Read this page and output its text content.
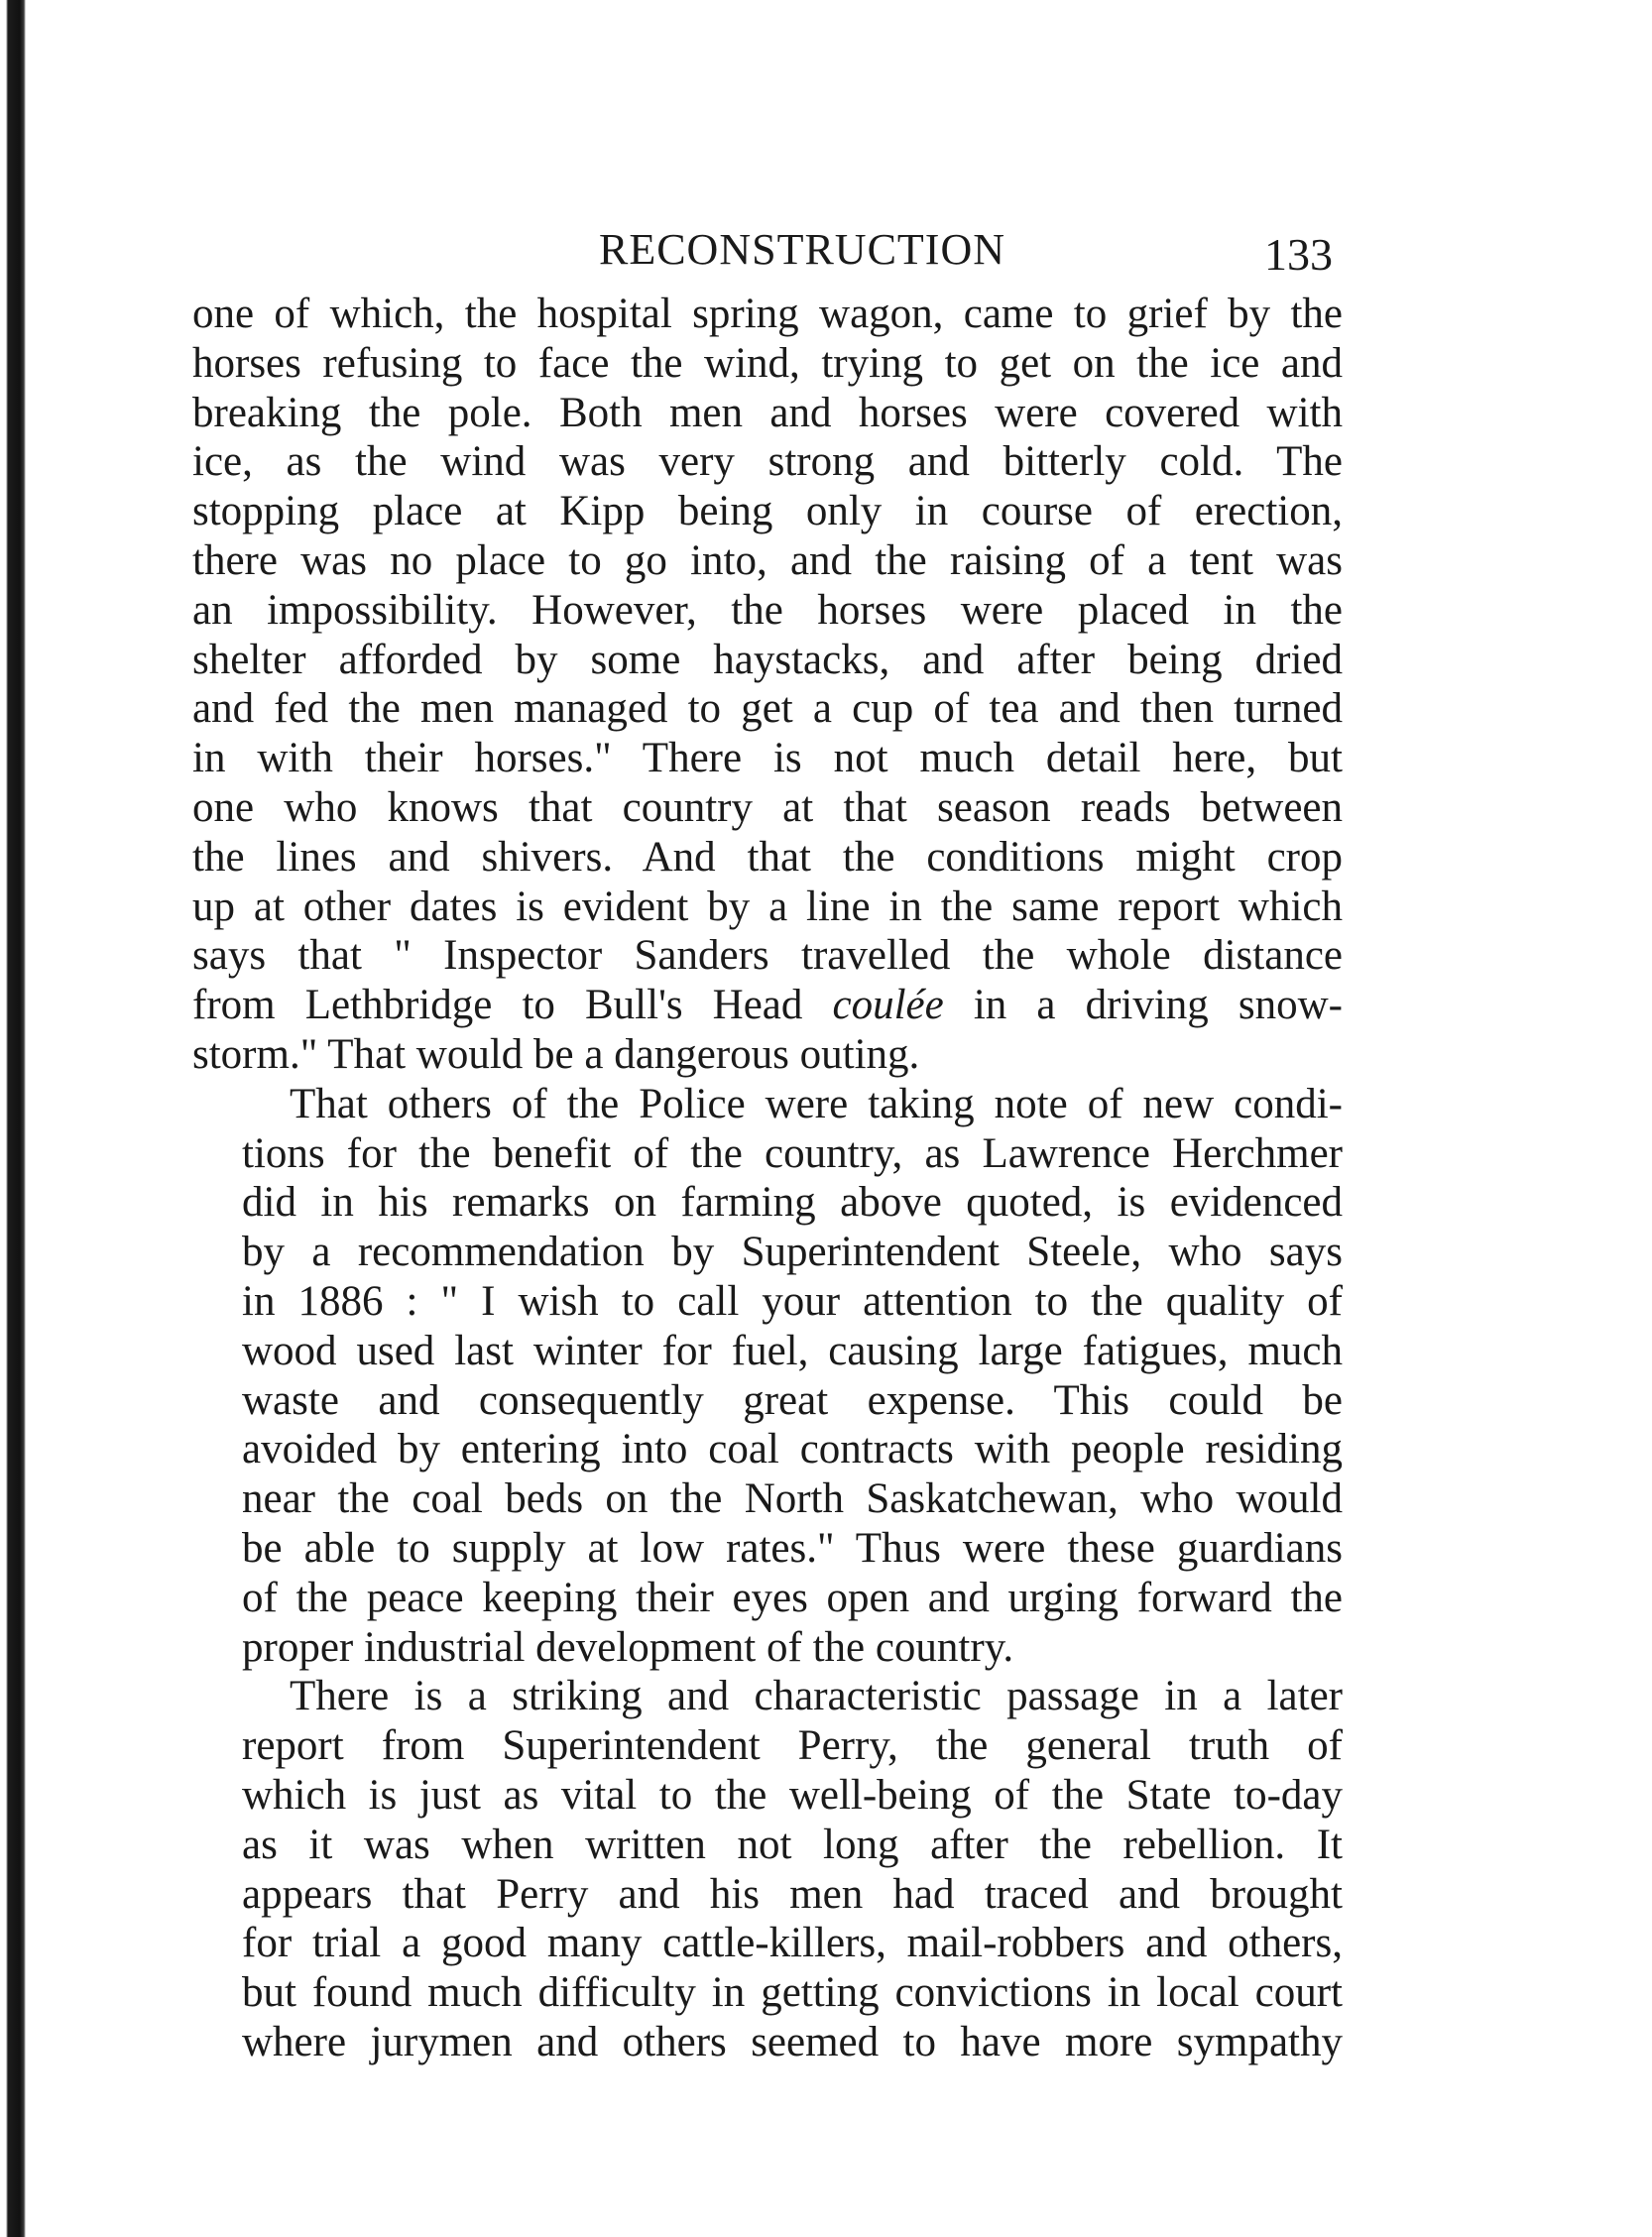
RECONSTRUCTION	133

one of which, the hospital spring wagon, came to grief by the
horses refusing to face the wind, trying to get on the ice and
breaking the pole. Both men and horses were covered with
ice, as the wind was very strong and bitterly cold. The
stopping place at Kipp being only in course of erection,
there was no place to go into, and the raising of a tent was
an impossibility. However, the horses were placed in the
shelter afforded by some haystacks, and after being dried
and fed the men managed to get a cup of tea and then turned
in with their horses." There is not much detail here, but
one who knows that country at that season reads between
the lines and shivers. And that the conditions might crop
up at other dates is evident by a line in the same report which
says that " Inspector Sanders travelled the whole distance
from Lethbridge to Bull's Head coulée in a driving snow-
storm." That would be a dangerous outing.

That others of the Police were taking note of new condi-
tions for the benefit of the country, as Lawrence Herchmer
did in his remarks on farming above quoted, is evidenced
by a recommendation by Superintendent Steele, who says
in 1886 : " I wish to call your attention to the quality of
wood used last winter for fuel, causing large fatigues, much
waste and consequently great expense. This could be
avoided by entering into coal contracts with people residing
near the coal beds on the North Saskatchewan, who would
be able to supply at low rates." Thus were these guardians
of the peace keeping their eyes open and urging forward the
proper industrial development of the country.

There is a striking and characteristic passage in a later
report from Superintendent Perry, the general truth of
which is just as vital to the well-being of the State to-day
as it was when written not long after the rebellion. It
appears that Perry and his men had traced and brought
for trial a good many cattle-killers, mail-robbers and others,
but found much difficulty in getting convictions in local court
where jurymen and others seemed to have more sympathy
